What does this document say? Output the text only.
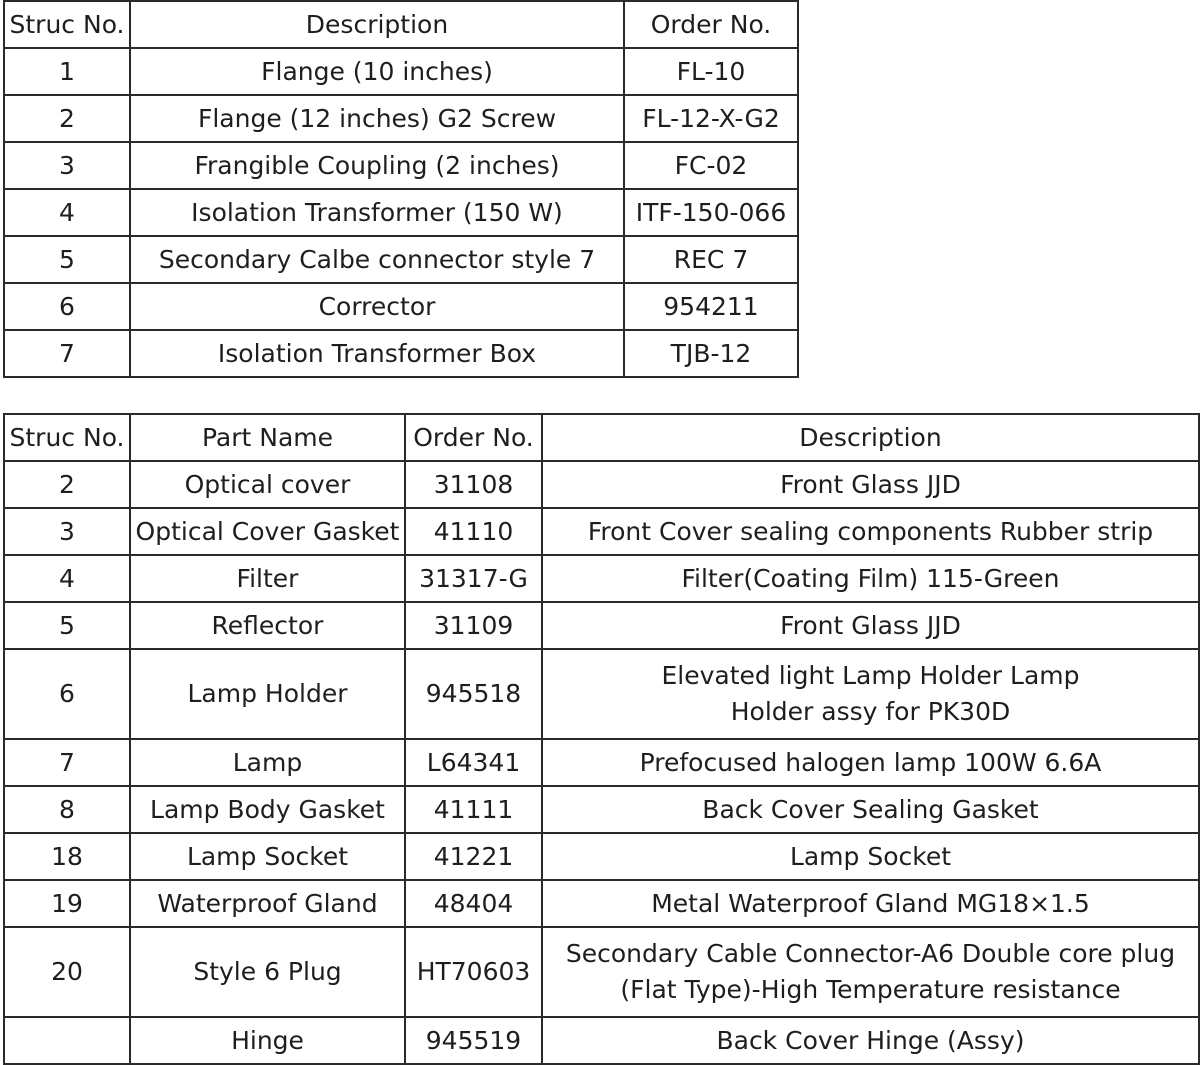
Struc No.	Description	Order No.
1	Flange (10 inches)	FL-10
2	Flange (12 inches) G2 Screw	FL-12-X-G2
3	Frangible Coupling (2 inches)	FC-02
4	Isolation Transformer (150 W)	ITF-150-066
5	Secondary Calbe connector style 7	REC 7
6	Corrector	954211
7	Isolation Transformer Box	TJB-12
Struc No.	Part Name	Order No.	Description
2	Optical cover	31108	Front Glass JJD
3	Optical Cover Gasket	41110	Front Cover sealing components Rubber strip
4	Filter	31317-G	Filter(Coating Film) 115-Green
5	Reflector	31109	Front Glass JJD
6	Lamp Holder	945518	Elevated light Lamp Holder Lamp
Holder assy for PK30D
7	Lamp	L64341	Prefocused halogen lamp 100W 6.6A
8	Lamp Body Gasket	41111	Back Cover Sealing Gasket
18	Lamp Socket	41221	Lamp Socket
19	Waterproof Gland	48404	Metal Waterproof Gland MG18×1.5
20	Style 6 Plug	HT70603	Secondary Cable Connector-A6 Double core plug
(Flat Type)-High Temperature resistance
	Hinge	945519	Back Cover Hinge (Assy)
